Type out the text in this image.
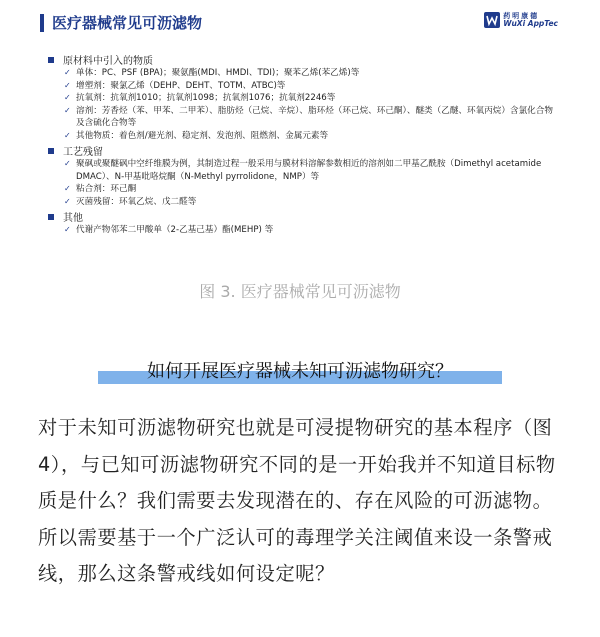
医疗器械常见可沥滤物	药明康德
WuXi AppTec
原材料中引入的物质
✓ 单体：PC、PSF (BPA)；聚氨酯(MDI、HMDI、TDI)；聚苯乙烯(苯乙烯)等
✓ 增塑剂：聚氯乙烯（DEHP、DEHT、TOTM、ATBC)等
✓ 抗氧剂：抗氧剂1010；抗氧剂1098；抗氧剂1076；抗氧剂2246等
✓ 溶剂：芳香烃（苯、甲苯、二甲苯）、脂肪烃（己烷、辛烷）、脂环烃（环己烷、环己酮）、醚类（乙醚、环氧丙烷）含氯化合物及含硫化合物等
✓ 其他物质：着色剂/避光剂、稳定剂、发泡剂、阻燃剂、金属元素等
工艺残留
✓ 聚砜或聚醚砜中空纤维膜为例，其制造过程一般采用与膜材料溶解参数相近的溶剂如二甲基乙酰胺（Dimethyl acetamide DMAC）、N-甲基吡咯烷酮（N-Methyl pyrrolidone，NMP）等
✓ 粘合剂：环己酮
✓ 灭菌残留：环氧乙烷、戊二醛等
其他
✓ 代谢产物邻苯二甲酸单（2-乙基己基）酯(MEHP) 等
图 3. 医疗器械常见可沥滤物
如何开展医疗器械未知可沥滤物研究？

对于未知可沥滤物研究也就是可浸提物研究的基本程序（图 4），与已知可沥滤物研究不同的是一开始我并不知道目标物质是什么？我们需要去发现潜在的、存在风险的可沥滤物。所以需要基于一个广泛认可的毒理学关注阈值来设一条警戒线，那么这条警戒线如何设定呢？
